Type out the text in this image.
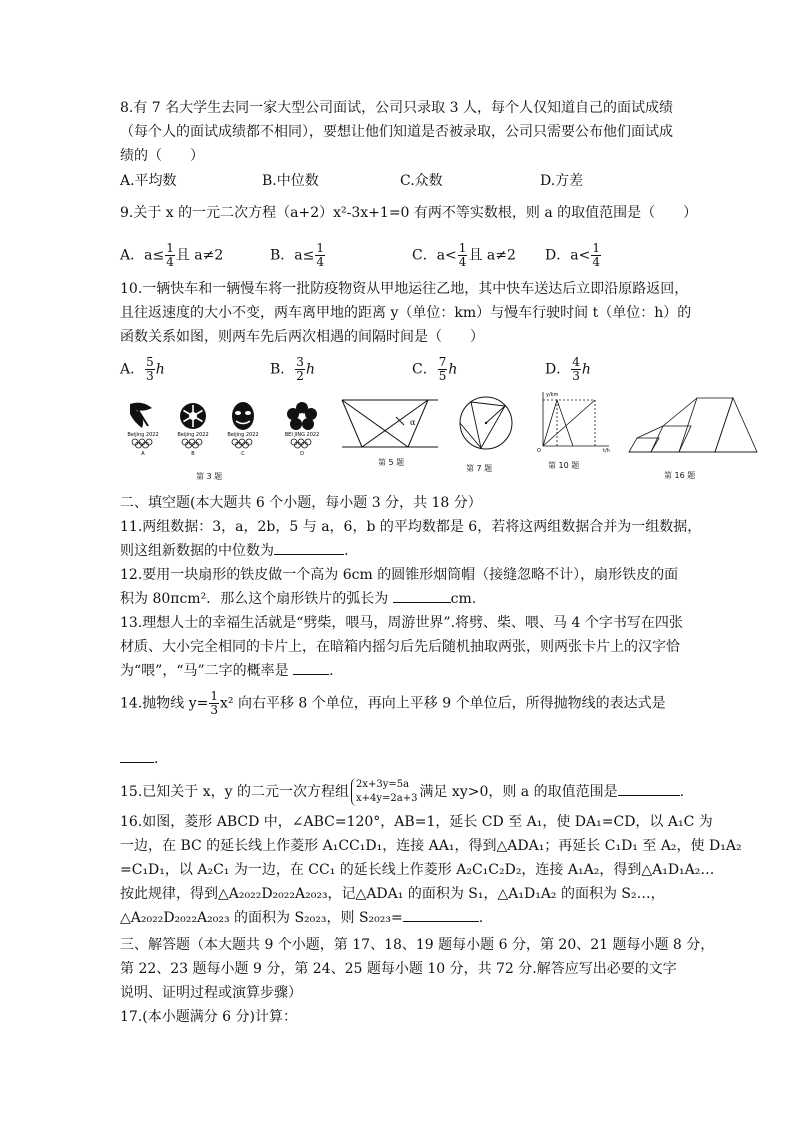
8.有 7 名大学生去同一家大型公司面试，公司只录取 3 人，每个人仅知道自己的面试成绩
（每个人的面试成绩都不相同），要想让他们知道是否被录取，公司只需要公布他们面试成
绩的（　　）
A.平均数	B.中位数	C.众数	D.方差
9.关于 x 的一元二次方程（a+2）x²-3x+1=0 有两不等实数根，则 a 的取值范围是（　　）
A．$a\le \frac{1}{4}$ 且 a≠2	B．$a\le \frac{1}{4}$	C．$a< \frac{1}{4}$ 且 a≠2 D．$a< \frac{1}{4}$
10.一辆快车和一辆慢车将一批防疫物资从甲地运往乙地，其中快车送达后立即沿原路返回，
且往返速度的大小不变，两车离甲地的距离 y（单位：km）与慢车行驶时间 t（单位：h）的
函数关系如图，则两车先后两次相遇的间隔时间是（　　）
A． $\frac{5}{3}$ h	B． $\frac{3}{2}$ h	C． $\frac{7}{5}$ h	D． $\frac{4}{3}$ h
Beijing 2022
A
Beijing 2022
B
Beijing 2022
C
BEI JING 2022
D
第 3 题
α
第 5 题
第 7 题
y/km
t/h
O
第 10 题
第 16 题
二、填空题(本大题共 6 个小题，每小题 3 分，共 18 分）
11.两组数据：3，a，2b，5 与 a，6，b 的平均数都是 6，若将这两组数据合并为一组数据，
则这组新数据的中位数为	.
12.要用一块扇形的铁皮做一个高为 6cm 的圆锥形烟筒帽（接缝忽略不计），扇形铁皮的面
积为 80πcm²．那么这个扇形铁片的弧长为	cm.
13.理想人士的幸福生活就是“劈柴，喂马，周游世界”.将劈、柴、喂、马 4 个字书写在四张
材质、大小完全相同的卡片上，在暗箱内摇匀后先后随机抽取两张，则两张卡片上的汉字恰
为“喂”，“马”二字的概率是	.
14.抛物线 $y= \frac{1}{3} x^2$ 向右平移 8 个单位，再向上平移 9 个单位后，所得抛物线的表达式是
.
15.已知关于 x，y 的二元一次方程组 2x+3y=5a
x+4y=2a+3 满足 xy>0，则 a 的取值范围是	.
16.如图，菱形 ABCD 中，∠ABC=120°，AB=1，延长 CD 至 A₁，使 DA₁=CD，以 A₁C 为
一边，在 BC 的延长线上作菱形 A₁CC₁D₁，连接 AA₁，得到△ADA₁；再延长 C₁D₁ 至 A₂，使 D₁A₂
=C₁D₁，以 A₂C₁ 为一边，在 CC₁ 的延长线上作菱形 A₂C₁C₂D₂，连接 A₁A₂，得到△A₁D₁A₂…
按此规律，得到△A₂₀₂₂D₂₀₂₂A₂₀₂₃，记△ADA₁ 的面积为 S₁，△A₁D₁A₂ 的面积为 S₂…，
△A₂₀₂₂D₂₀₂₂A₂₀₂₃ 的面积为 S₂₀₂₃，则 S₂₀₂₃=	.
三、解答题（本大题共 9 个小题，第 17、18、19 题每小题 6 分，第 20、21 题每小题 8 分，
第 22、23 题每小题 9 分，第 24、25 题每小题 10 分，共 72 分.解答应写出必要的文字
说明、证明过程或演算步骤）
17.(本小题满分 6 分)计算：
